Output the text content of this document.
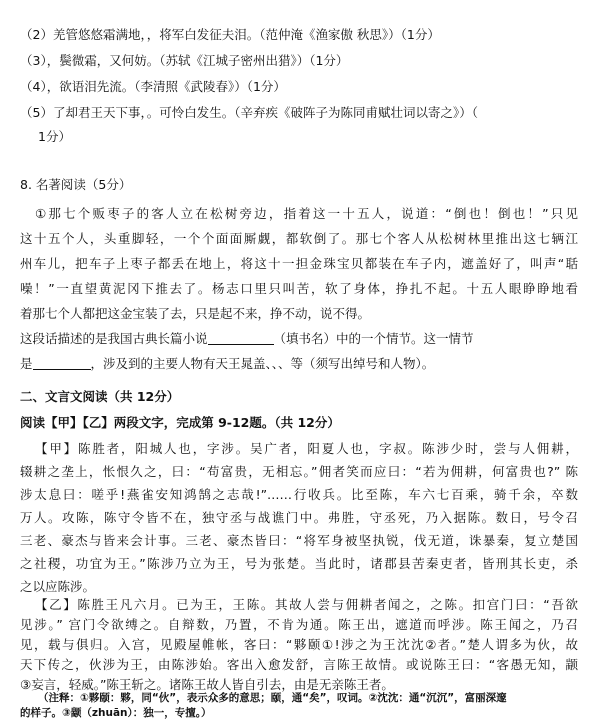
（2）羌管悠悠霜满地，，将军白发征夫泪。（范仲淹《渔家傲 秋思》）（1分）
（3），鬓微霜，又何妨。（苏轼《江城子密州出猎》）（1分）
（4），欲语泪先流。（李清照《武陵春》）（1分）
（5）了却君王天下事，。可怜白发生。（辛弃疾《破阵子为陈同甫赋壮词以寄之》）（
1分）
8. 名著阅读（5分）
①那七个贩枣子的客人立在松树旁边，指着这一十五人，说道：“倒也！倒也！”只见
这十五个人，头重脚轻，一个个面面厮觑，都软倒了。那七个客人从松树林里推出这七辆江
州车儿，把车子上枣子都丢在地上，将这十一担金珠宝贝都装在车子内，遮盖好了，叫声“聒
噪！”一直望黄泥冈下推去了。杨志口里只叫苦，软了身体，挣扎不起。十五人眼睁睁地看
着那七个人都把这金宝装了去，只是起不来，挣不动，说不得。
这段话描述的是我国古典长篇小说	（填书名）中的一个情节。这一情节
是	，涉及到的主要人物有天王晁盖、、、等（须写出绰号和人物）。
二、文言文阅读（共 12分）
阅读【甲】【乙】两段文字，完成第 9-12题。（共 12分）
【甲】陈胜者，阳城人也，字涉。吴广者，阳夏人也，字叔。陈涉少时，尝与人佣耕，
辍耕之垄上，怅恨久之，曰：“苟富贵，无相忘。”佣者笑而应曰：“若为佣耕，何富贵也?” 陈
涉太息曰：嗟乎!燕雀安知鸿鹄之志哉!”……行收兵。比至陈，车六七百乘，骑千余，卒数
万人。攻陈，陈守令皆不在，独守丞与战谯门中。弗胜，守丞死，乃入据陈。数日，号令召
三老、豪杰与皆来会计事。三老、豪杰皆曰：“将军身被坚执锐，伐无道，诛暴秦，复立楚国
之社稷，功宜为王。”陈涉乃立为王，号为张楚。当此时，诸郡县苦秦吏者，皆刑其长吏，杀
之以应陈涉。
【乙】陈胜王凡六月。已为王，王陈。其故人尝与佣耕者闻之，之陈。扣宫门曰：“吾欲
见涉。” 宫门令欲缚之。自辩数，乃置，不肯为通。陈王出，遮道而呼涉。陈王闻之，乃召
见，载与俱归。入宫，见殿屋帷帐，客曰：“夥颐①!涉之为王沈沈②者。”楚人谓多为伙，故
天下传之，伙涉为王，由陈涉始。客出入愈发舒，言陈王故情。或说陈王曰：“客愚无知，颛
③妄言，轻威。”陈王斩之。诸陈王故人皆自引去，由是无亲陈王者。
（注释：①夥颐：夥，同“伙”，表示众多的意思；颐，通“矣”，叹词。②沈沈：通“沉沉”，富丽深邃
的样子。③颛（zhuān）：独一，专擅。）
